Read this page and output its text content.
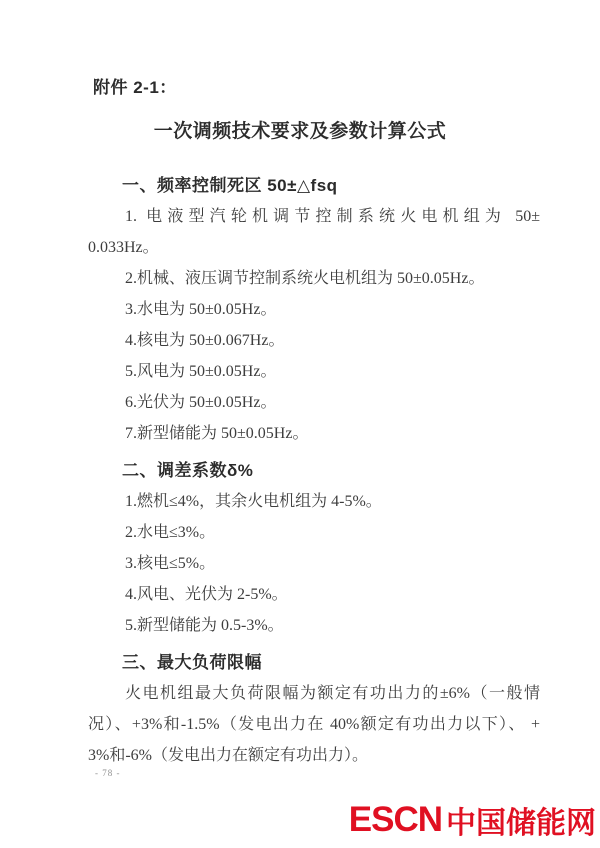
附件 2-1：
一次调频技术要求及参数计算公式
一、频率控制死区 50±△fsq

1. 电液型汽轮机调节控制系统火电机组为 50±
0.033Hz。

2.机械、液压调节控制系统火电机组为 50±0.05Hz。

3.水电为 50±0.05Hz。

4.核电为 50±0.067Hz。

5.风电为 50±0.05Hz。

6.光伏为 50±0.05Hz。

7.新型储能为 50±0.05Hz。

二、调差系数δ%

1.燃机≤4%，其余火电机组为 4-5%。

2.水电≤3%。

3.核电≤5%。

4.风电、光伏为 2-5%。

5.新型储能为 0.5-3%。

三、最大负荷限幅

火电机组最大负荷限幅为额定有功出力的±6%（一般情
况）、+3%和-1.5%（发电出力在 40%额定有功出力以下）、 +
3%和-6%（发电出力在额定有功出力）。

- 78 -
ESCN 中国储能网
